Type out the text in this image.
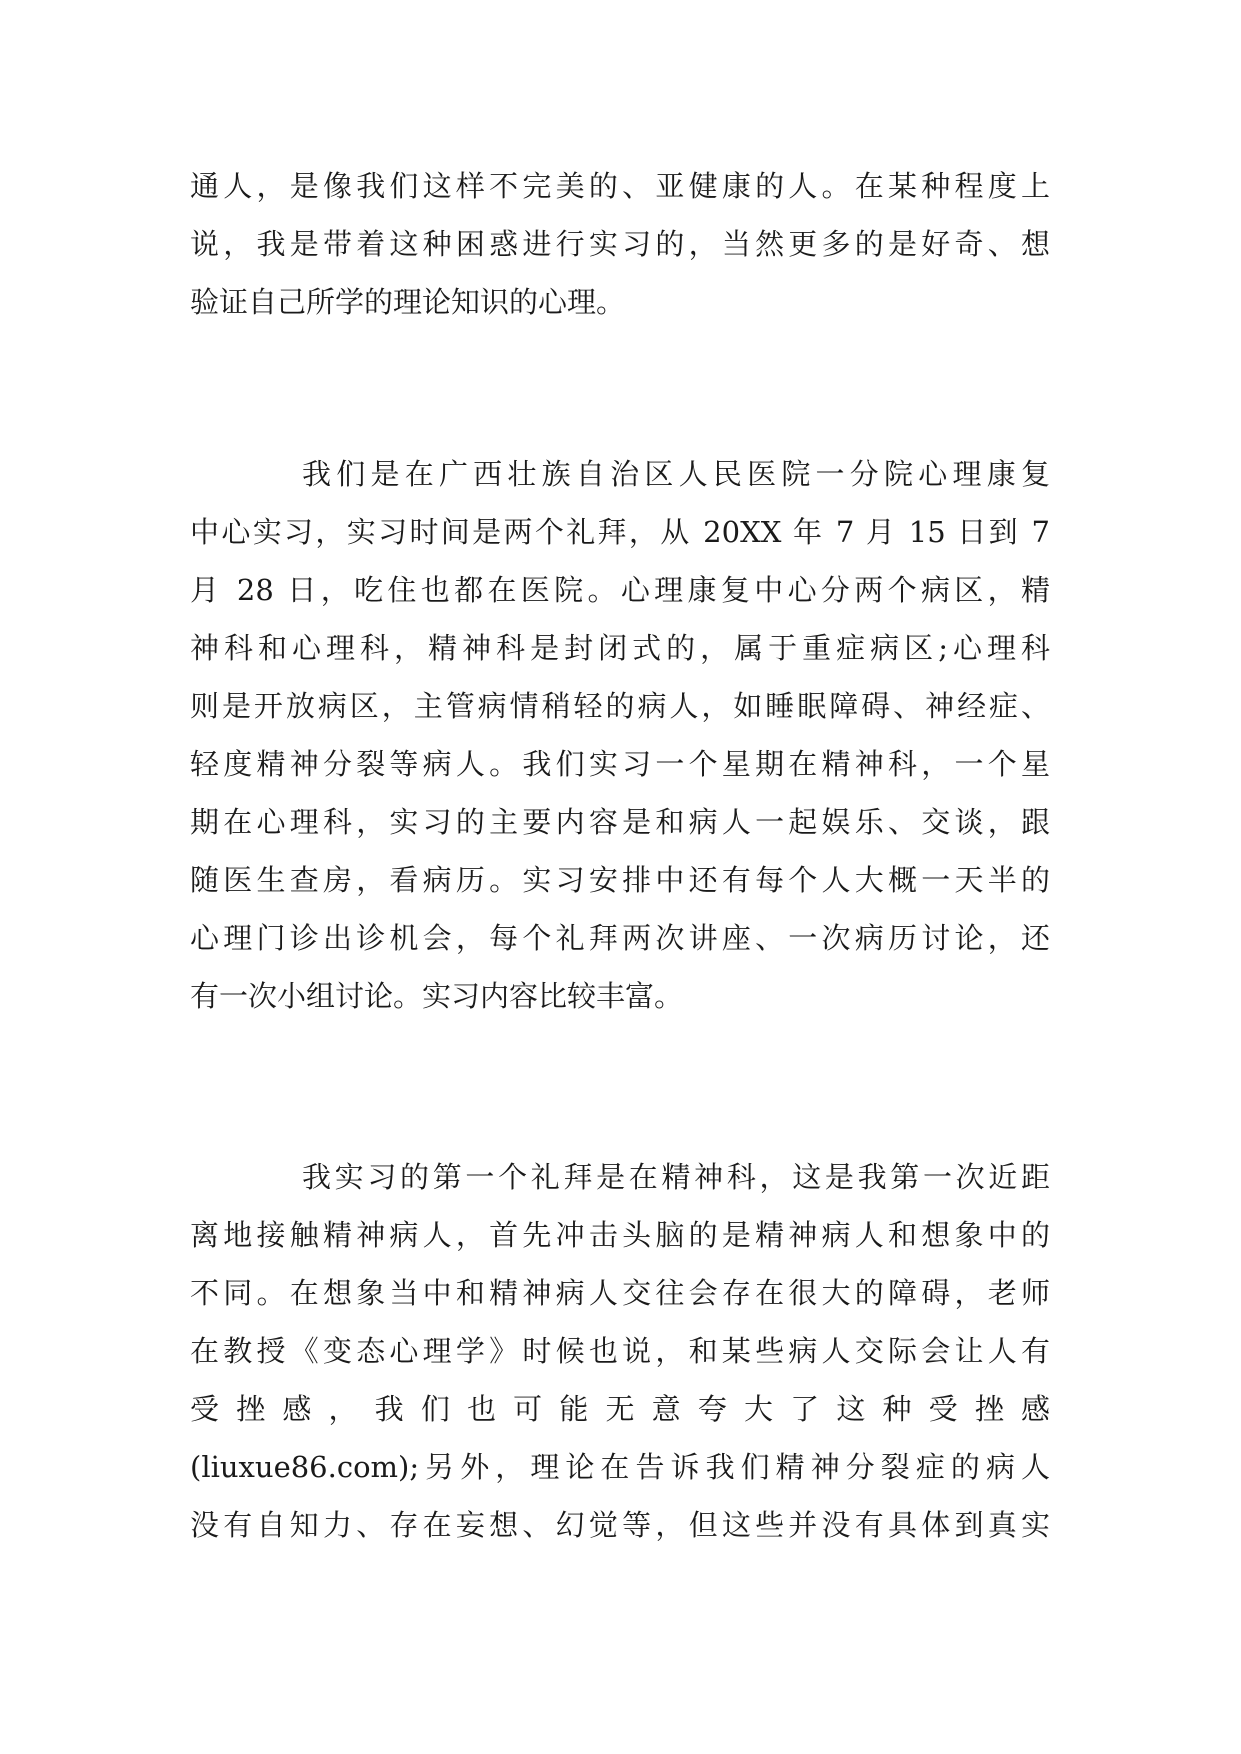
通人，是像我们这样不完美的、亚健康的人。在某种程度上
说，我是带着这种困惑进行实习的，当然更多的是好奇、想
验证自己所学的理论知识的心理。
我们是在广西壮族自治区人民医院一分院心理康复
中心实习，实习时间是两个礼拜，从 20XX 年 7 月 15 日到 7
月 28 日，吃住也都在医院。心理康复中心分两个病区，精
神科和心理科，精神科是封闭式的，属于重症病区;心理科
则是开放病区，主管病情稍轻的病人，如睡眠障碍、神经症、
轻度精神分裂等病人。我们实习一个星期在精神科，一个星
期在心理科，实习的主要内容是和病人一起娱乐、交谈，跟
随医生查房，看病历。实习安排中还有每个人大概一天半的
心理门诊出诊机会，每个礼拜两次讲座、一次病历讨论，还
有一次小组讨论。实习内容比较丰富。
我实习的第一个礼拜是在精神科，这是我第一次近距
离地接触精神病人，首先冲击头脑的是精神病人和想象中的
不同。在想象当中和精神病人交往会存在很大的障碍，老师
在教授《变态心理学》时候也说，和某些病人交际会让人有
受挫感，我们也可能无意夸大了这种受挫感
(liuxue86.com);另外，理论在告诉我们精神分裂症的病人
没有自知力、存在妄想、幻觉等，但这些并没有具体到真实
